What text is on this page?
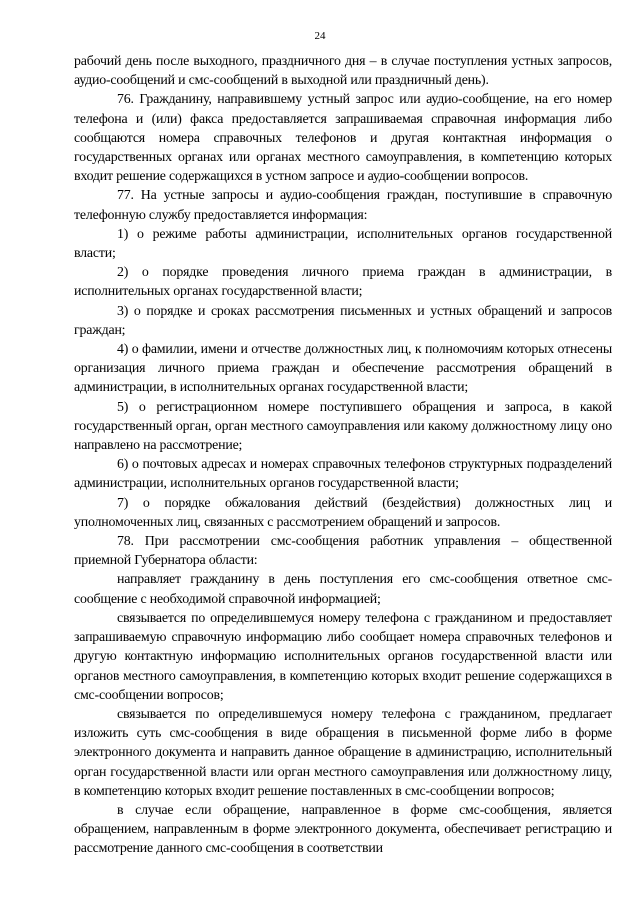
24

рабочий день после выходного, праздничного дня – в случае поступления устных запросов, аудио-сообщений и смс-сообщений в выходной или праздничный день).

76. Гражданину, направившему устный запрос или аудио-сообщение, на его номер телефона и (или) факса предоставляется запрашиваемая справочная информация либо сообщаются номера справочных телефонов и другая контактная информация о государственных органах или органах местного самоуправления, в компетенцию которых входит решение содержащихся в устном запросе и аудио-сообщении вопросов.

77. На устные запросы и аудио-сообщения граждан, поступившие в справочную телефонную службу предоставляется информация:

1) о режиме работы администрации, исполнительных органов государственной власти;

2) о порядке проведения личного приема граждан в администрации, в исполнительных органах государственной власти;

3) о порядке и сроках рассмотрения письменных и устных обращений и запросов граждан;

4) о фамилии, имени и отчестве должностных лиц, к полномочиям которых отнесены организация личного приема граждан и обеспечение рассмотрения обращений в администрации, в исполнительных органах государственной власти;

5) о регистрационном номере поступившего обращения и запроса, в какой государственный орган, орган местного самоуправления или какому должностному лицу оно направлено на рассмотрение;

6) о почтовых адресах и номерах справочных телефонов структурных подразделений администрации, исполнительных органов государственной власти;

7) о порядке обжалования действий (бездействия) должностных лиц и уполномоченных лиц, связанных с рассмотрением обращений и запросов.

78. При рассмотрении смс-сообщения работник управления – общественной приемной Губернатора области:

направляет гражданину в день поступления его смс-сообщения ответное смс-сообщение с необходимой справочной информацией;

связывается по определившемуся номеру телефона с гражданином и предоставляет запрашиваемую справочную информацию либо сообщает номера справочных телефонов и другую контактную информацию исполнительных органов государственной власти или органов местного самоуправления, в компетенцию которых входит решение содержащихся в смс-сообщении вопросов;

связывается по определившемуся номеру телефона с гражданином, предлагает изложить суть смс-сообщения в виде обращения в письменной форме либо в форме электронного документа и направить данное обращение в администрацию, исполнительный орган государственной власти или орган местного самоуправления или должностному лицу, в компетенцию которых входит решение поставленных в смс-сообщении вопросов;

в случае если обращение, направленное в форме смс-сообщения, является обращением, направленным в форме электронного документа, обеспечивает регистрацию и рассмотрение данного смс-сообщения в соответствии
